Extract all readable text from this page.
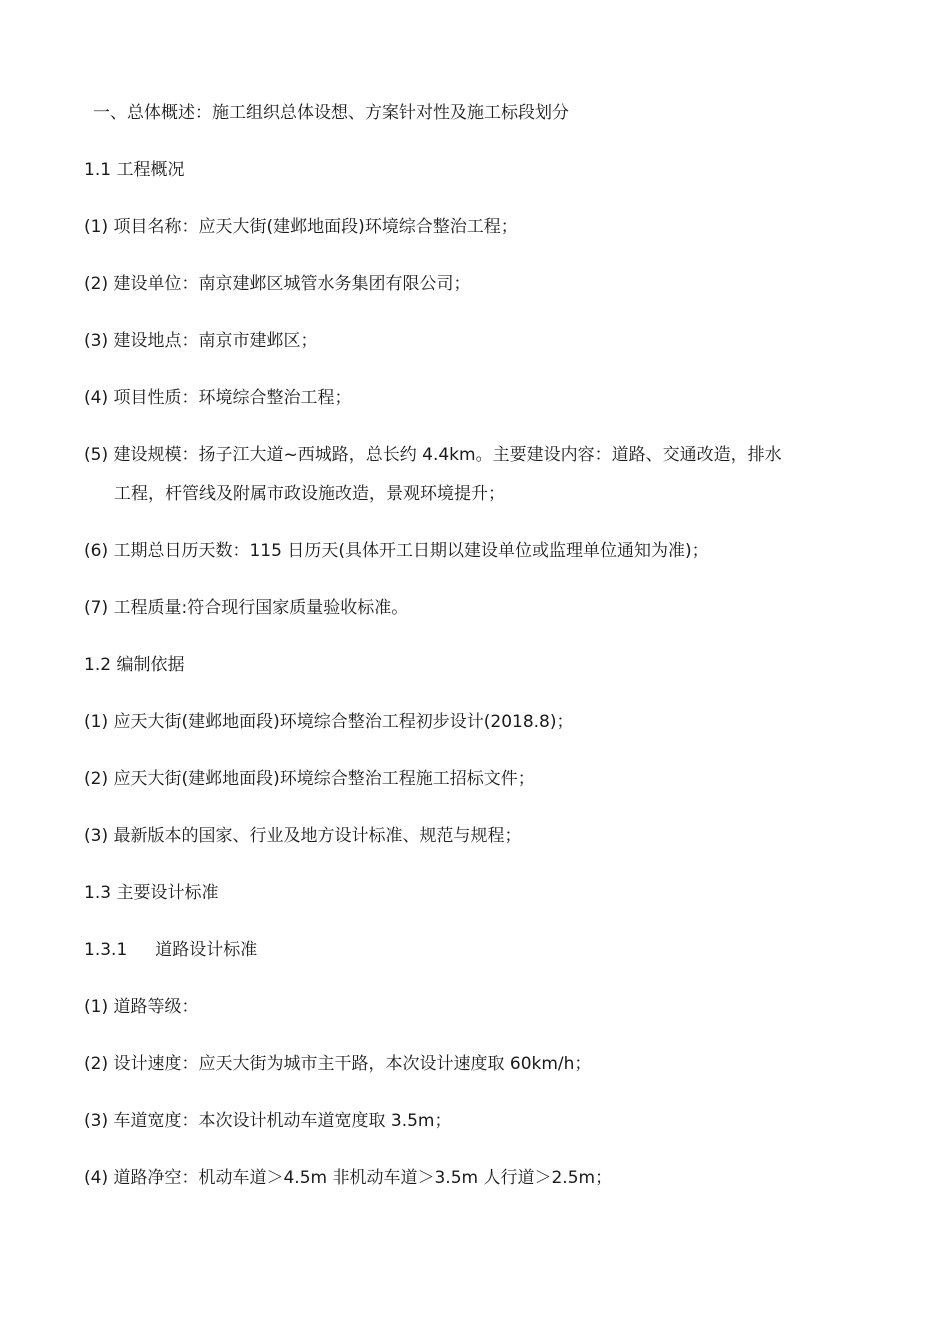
一、总体概述：施工组织总体设想、方案针对性及施工标段划分
1.1 工程概况
(1) 项目名称：应天大街(建邺地面段)环境综合整治工程；
(2) 建设单位：南京建邺区城管水务集团有限公司；
(3) 建设地点：南京市建邺区；
(4) 项目性质：环境综合整治工程；
(5) 建设规模：扬子江大道~西城路，总长约 4.4km。主要建设内容：道路、交通改造，排水
工程，杆管线及附属市政设施改造，景观环境提升；
(6) 工期总日历天数：115 日历天(具体开工日期以建设单位或监理单位通知为准)；
(7) 工程质量:符合现行国家质量验收标准。
1.2 编制依据
(1) 应天大街(建邺地面段)环境综合整治工程初步设计(2018.8)；
(2) 应天大街(建邺地面段)环境综合整治工程施工招标文件；
(3) 最新版本的国家、行业及地方设计标准、规范与规程；
1.3 主要设计标准
1.3.1 道路设计标准
(1) 道路等级：
(2) 设计速度：应天大街为城市主干路，本次设计速度取 60km/h；
(3) 车道宽度：本次设计机动车道宽度取 3.5m；
(4) 道路净空：机动车道＞4.5m 非机动车道＞3.5m 人行道＞2.5m；
